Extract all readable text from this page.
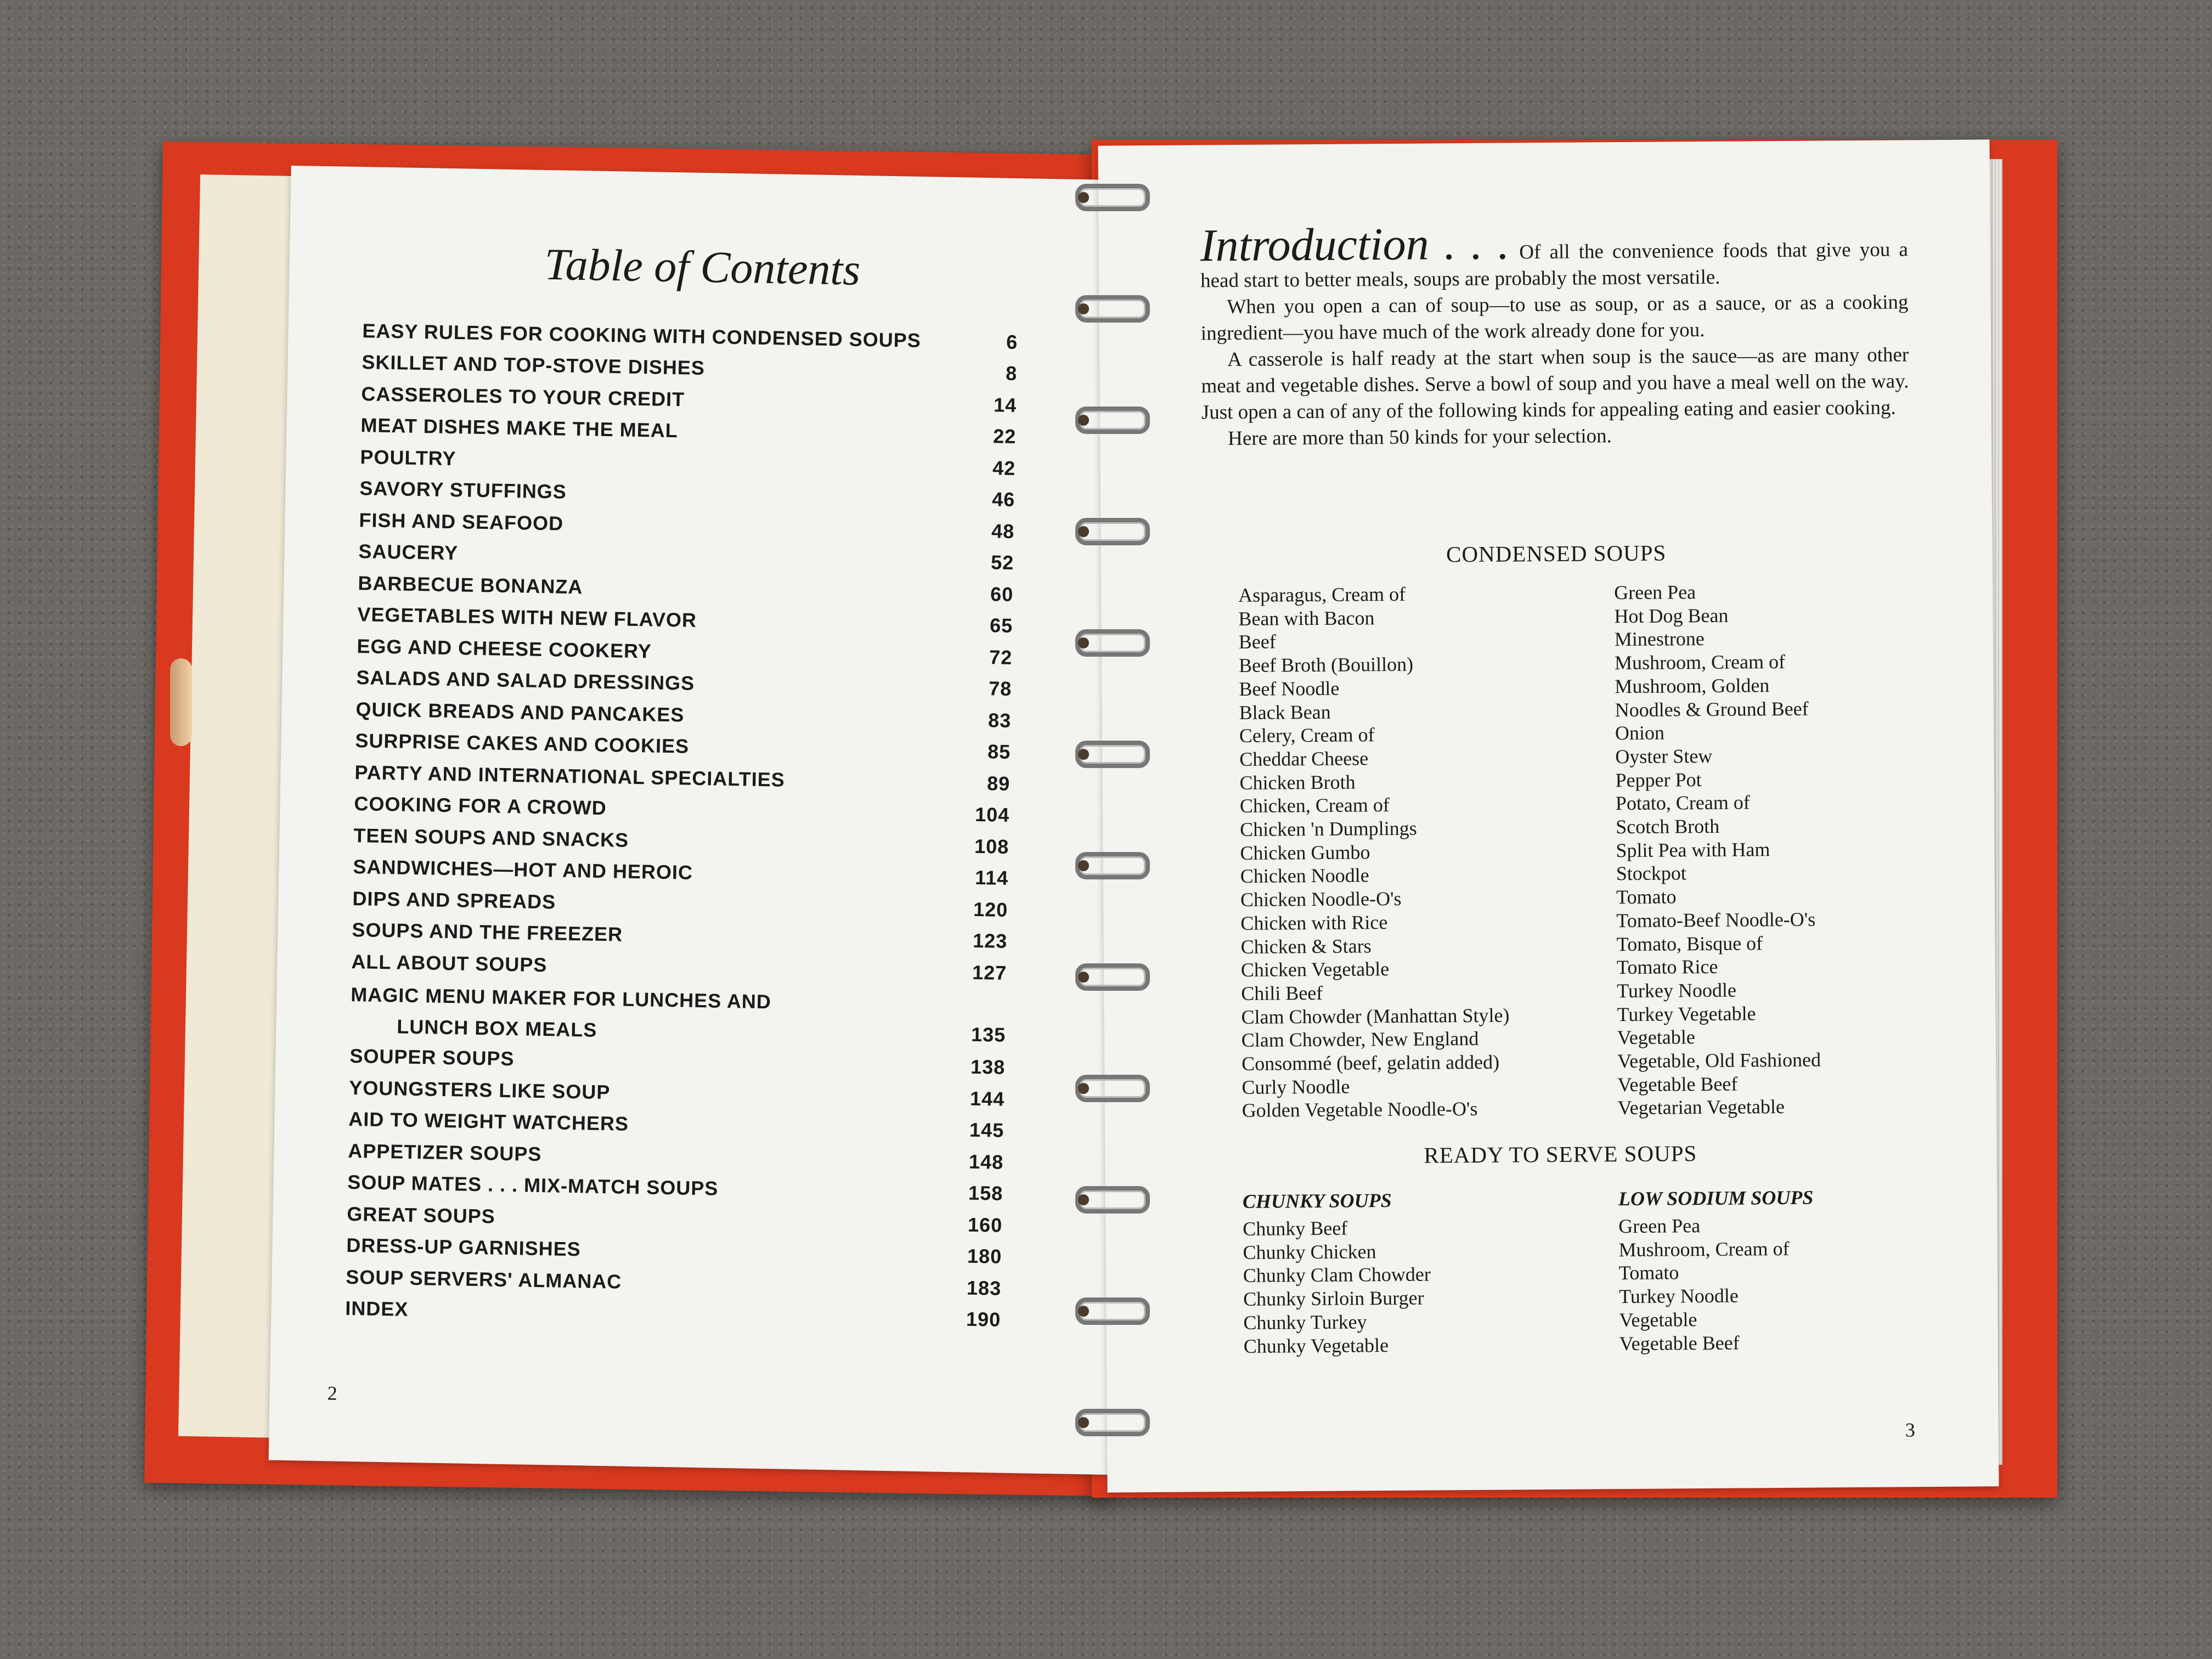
Table of Contents
EASY RULES FOR COOKING WITH CONDENSED SOUPS	6
SKILLET AND TOP-STOVE DISHES	8
CASSEROLES TO YOUR CREDIT	14
MEAT DISHES MAKE THE MEAL	22
POULTRY	42
SAVORY STUFFINGS	46
FISH AND SEAFOOD	48
SAUCERY	52
BARBECUE BONANZA	60
VEGETABLES WITH NEW FLAVOR	65
EGG AND CHEESE COOKERY	72
SALADS AND SALAD DRESSINGS	78
QUICK BREADS AND PANCAKES	83
SURPRISE CAKES AND COOKIES	85
PARTY AND INTERNATIONAL SPECIALTIES	89
COOKING FOR A CROWD	104
TEEN SOUPS AND SNACKS	108
SANDWICHES—HOT AND HEROIC	114
DIPS AND SPREADS	120
SOUPS AND THE FREEZER	123
ALL ABOUT SOUPS	127
MAGIC MENU MAKER FOR LUNCHES AND
LUNCH BOX MEALS	135
SOUPER SOUPS	138
YOUNGSTERS LIKE SOUP	144
AID TO WEIGHT WATCHERS	145
APPETIZER SOUPS	148
SOUP MATES . . . MIX-MATCH SOUPS	158
GREAT SOUPS	160
DRESS-UP GARNISHES	180
SOUP SERVERS' ALMANAC	183
INDEX	190
2

Introduction . . . Of all the convenience foods that give you a head start to better meals, soups are probably the most versatile.

When you open a can of soup—to use as soup, or as a sauce, or as a cooking ingredient—you have much of the work already done for you.

A casserole is half ready at the start when soup is the sauce—as are many other meat and vegetable dishes. Serve a bowl of soup and you have a meal well on the way. Just open a can of any of the following kinds for appealing eating and easier cooking.

Here are more than 50 kinds for your selection.

CONDENSED SOUPS
Asparagus, Cream of
Bean with Bacon
Beef
Beef Broth (Bouillon)
Beef Noodle
Black Bean
Celery, Cream of
Cheddar Cheese
Chicken Broth
Chicken, Cream of
Chicken 'n Dumplings
Chicken Gumbo
Chicken Noodle
Chicken Noodle-O's
Chicken with Rice
Chicken & Stars
Chicken Vegetable
Chili Beef
Clam Chowder (Manhattan Style)
Clam Chowder, New England
Consommé (beef, gelatin added)
Curly Noodle
Golden Vegetable Noodle-O's
Green Pea
Hot Dog Bean
Minestrone
Mushroom, Cream of
Mushroom, Golden
Noodles & Ground Beef
Onion
Oyster Stew
Pepper Pot
Potato, Cream of
Scotch Broth
Split Pea with Ham
Stockpot
Tomato
Tomato-Beef Noodle-O's
Tomato, Bisque of
Tomato Rice
Turkey Noodle
Turkey Vegetable
Vegetable
Vegetable, Old Fashioned
Vegetable Beef
Vegetarian Vegetable
READY TO SERVE SOUPS
CHUNKY SOUPS	LOW SODIUM SOUPS
Chunky Beef
Chunky Chicken
Chunky Clam Chowder
Chunky Sirloin Burger
Chunky Turkey
Chunky Vegetable
Green Pea
Mushroom, Cream of
Tomato
Turkey Noodle
Vegetable
Vegetable Beef
3
